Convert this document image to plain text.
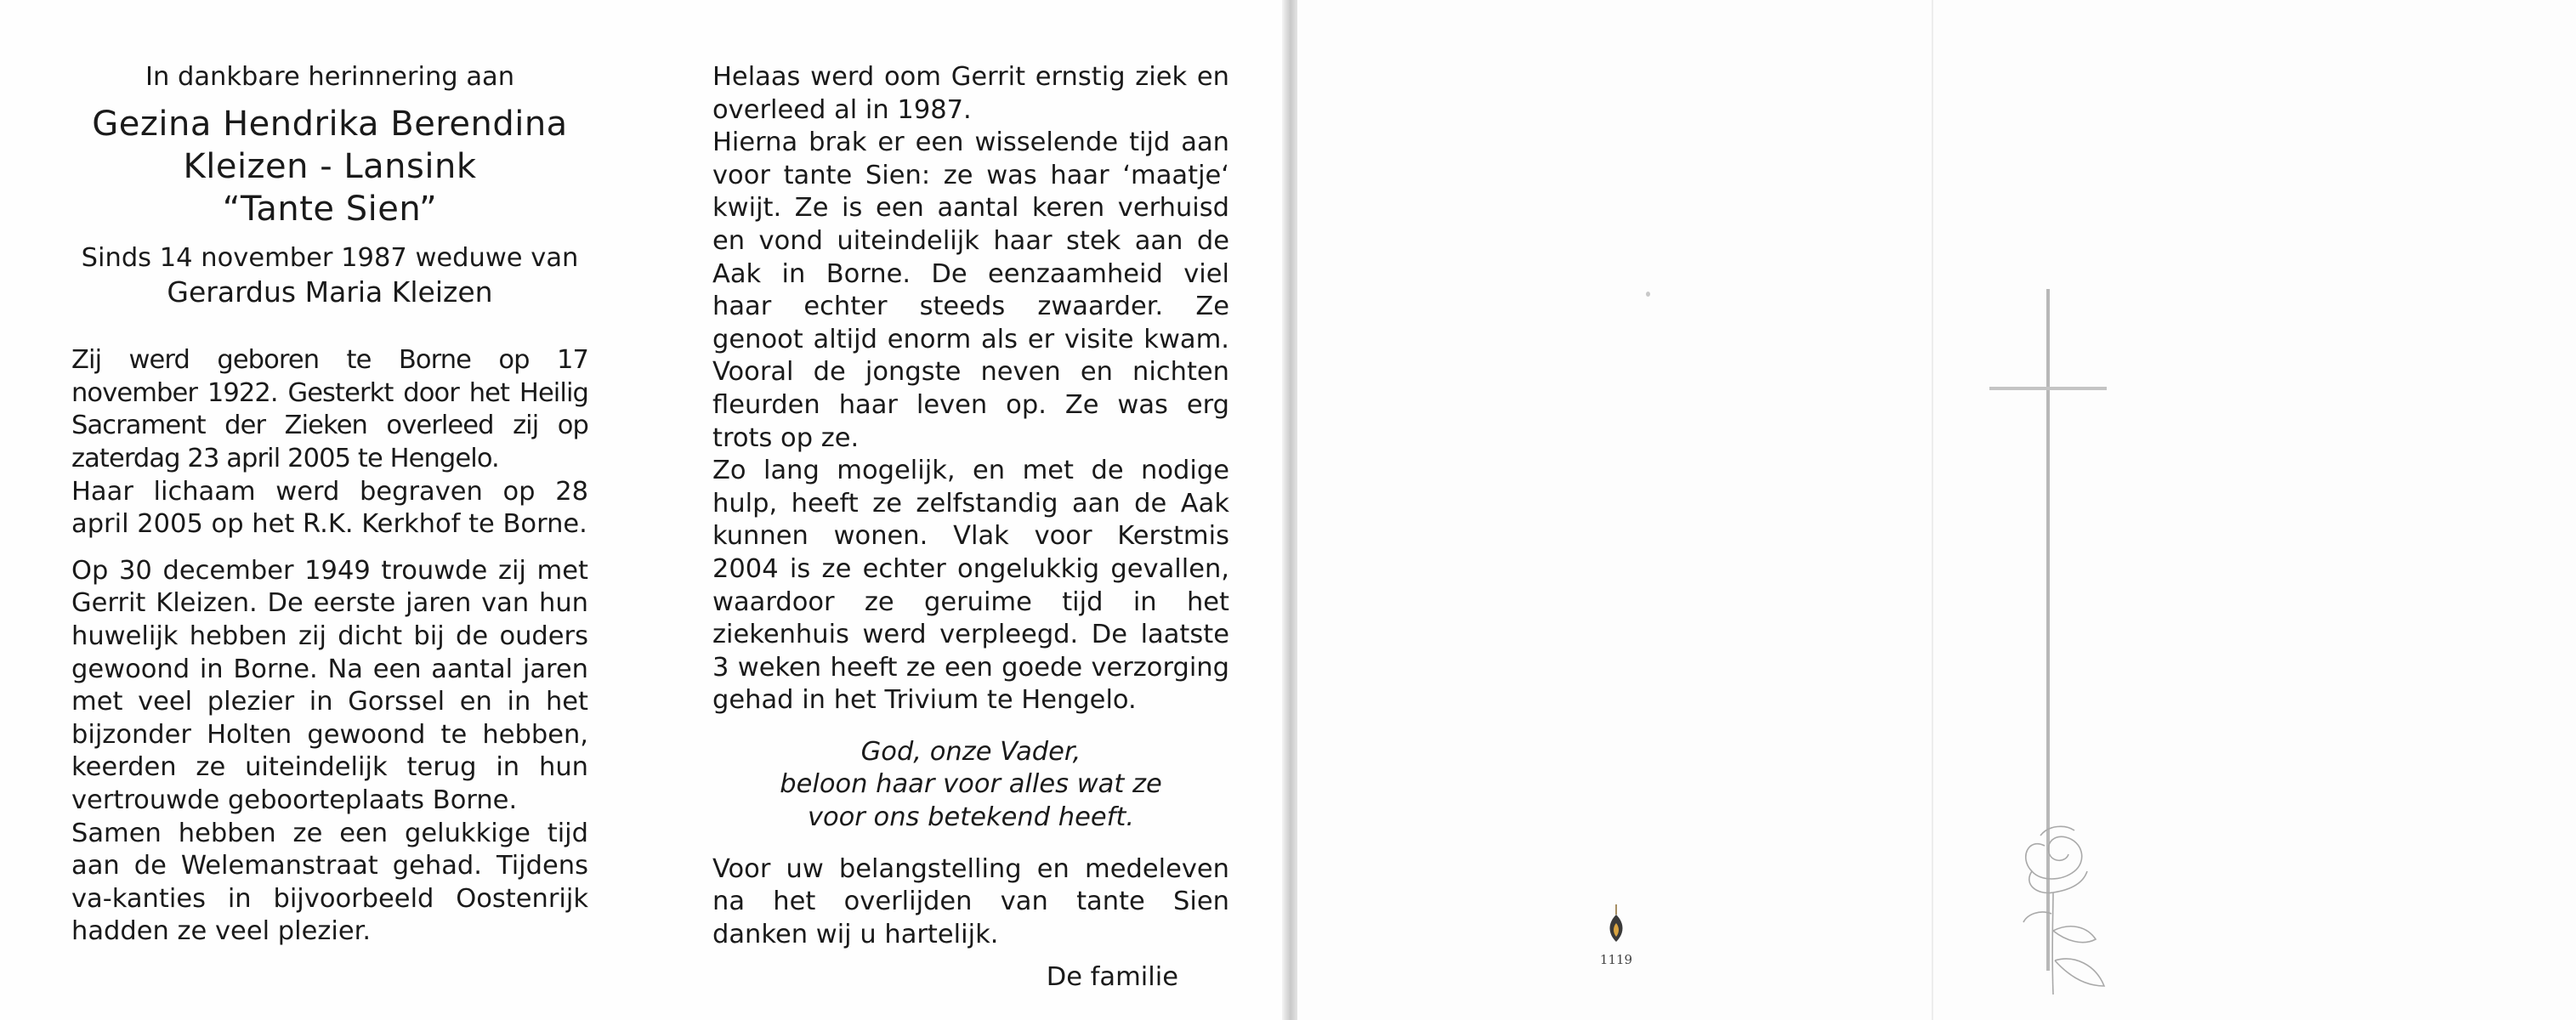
In dankbare herinnering aan
Gezina Hendrika Berendina
Kleizen - Lansink
“Tante Sien”
Sinds 14 november 1987 weduwe van
Gerardus Maria Kleizen

Zij werd geboren te Borne op 17 november 1922. Gesterkt door het Heilig Sacrament der Zieken overleed zij op zaterdag 23 april 2005 te Hengelo.

Haar lichaam werd begraven op 28 april 2005 op het R.K. Kerkhof te Borne.

Op 30 december 1949 trouwde zij met Gerrit Kleizen. De eerste jaren van hun huwelijk hebben zij dicht bij de ouders gewoond in Borne. Na een aantal jaren met veel plezier in Gorssel en in het bijzonder Holten gewoond te hebben, keerden ze uiteindelijk terug in hun vertrouwde geboorteplaats Borne.

Samen hebben ze een gelukkige tijd aan de Welemanstraat gehad. Tijdens va-kanties in bijvoorbeeld Oostenrijk hadden ze veel plezier.

Helaas werd oom Gerrit ernstig ziek en overleed al in 1987.

Hierna brak er een wisselende tijd aan voor tante Sien: ze was haar ‘maatje‘ kwijt. Ze is een aantal keren verhuisd en vond uiteindelijk haar stek aan de Aak in Borne. De eenzaamheid viel haar echter steeds zwaarder. Ze genoot altijd enorm als er visite kwam. Vooral de jongste neven en nichten fleurden haar leven op. Ze was erg trots op ze.

Zo lang mogelijk, en met de nodige hulp, heeft ze zelfstandig aan de Aak kunnen wonen. Vlak voor Kerstmis 2004 is ze echter ongelukkig gevallen, waardoor ze geruime tijd in het ziekenhuis werd verpleegd. De laatste 3 weken heeft ze een goede verzorging gehad in het Trivium te Hengelo.

God, onze Vader,

beloon haar voor alles wat ze

voor ons betekend heeft.

Voor uw belangstelling en medeleven na het overlijden van tante Sien danken wij u hartelijk.

De familie

1119
